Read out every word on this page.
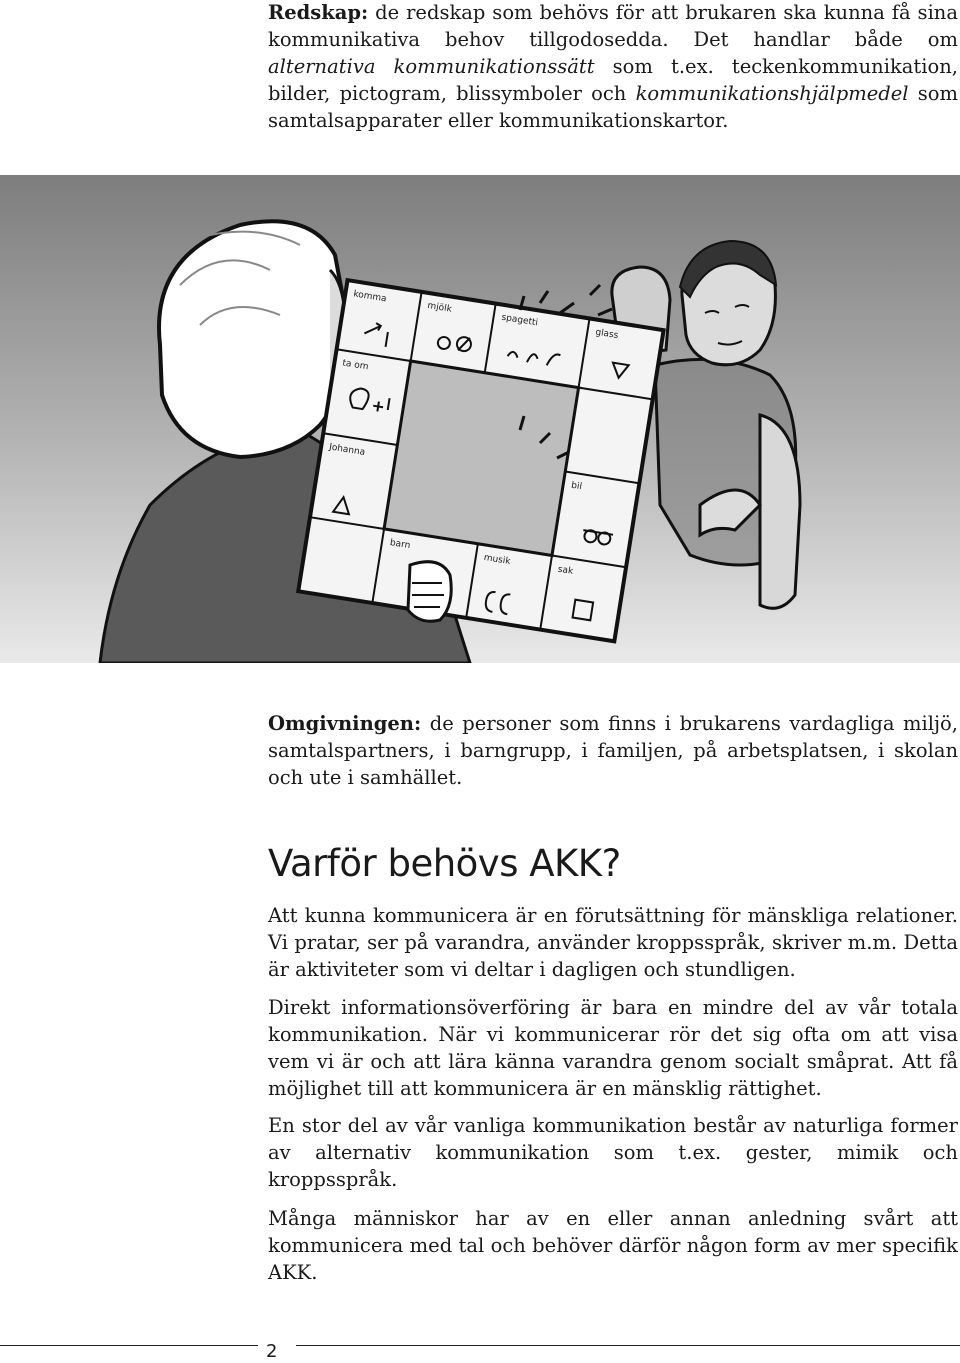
Redskap: de redskap som behövs för att brukaren ska kunna få sina kommunikativa behov tillgodosedda. Det handlar både om alternativa kommunikationssätt som t.ex. teckenkommunikation, bilder, pictogram, blissymboler och kommunikationshjälpmedel som samtalsapparater eller kommunikationskartor.

komma
mjölk
spagetti
glass
ta om
bil
Johanna
barn
musik
sak

Omgivningen: de personer som finns i brukarens vardagliga miljö, samtalspartners, i barngrupp, i familjen, på arbetsplatsen, i skolan och ute i samhället.

Varför behövs AKK?

Att kunna kommunicera är en förutsättning för mänskliga relationer. Vi pratar, ser på varandra, använder kroppsspråk, skriver m.m. Detta är aktiviteter som vi deltar i dagligen och stundligen.

Direkt informationsöverföring är bara en mindre del av vår totala kommunikation. När vi kommunicerar rör det sig ofta om att visa vem vi är och att lära känna varandra genom socialt småprat. Att få möjlighet till att kommunicera är en mänsklig rättighet.

En stor del av vår vanliga kommunikation består av naturliga former av alternativ kommunikation som t.ex. gester, mimik och kroppsspråk.

Många människor har av en eller annan anledning svårt att kommunicera med tal och behöver därför någon form av mer specifik AKK.

2
